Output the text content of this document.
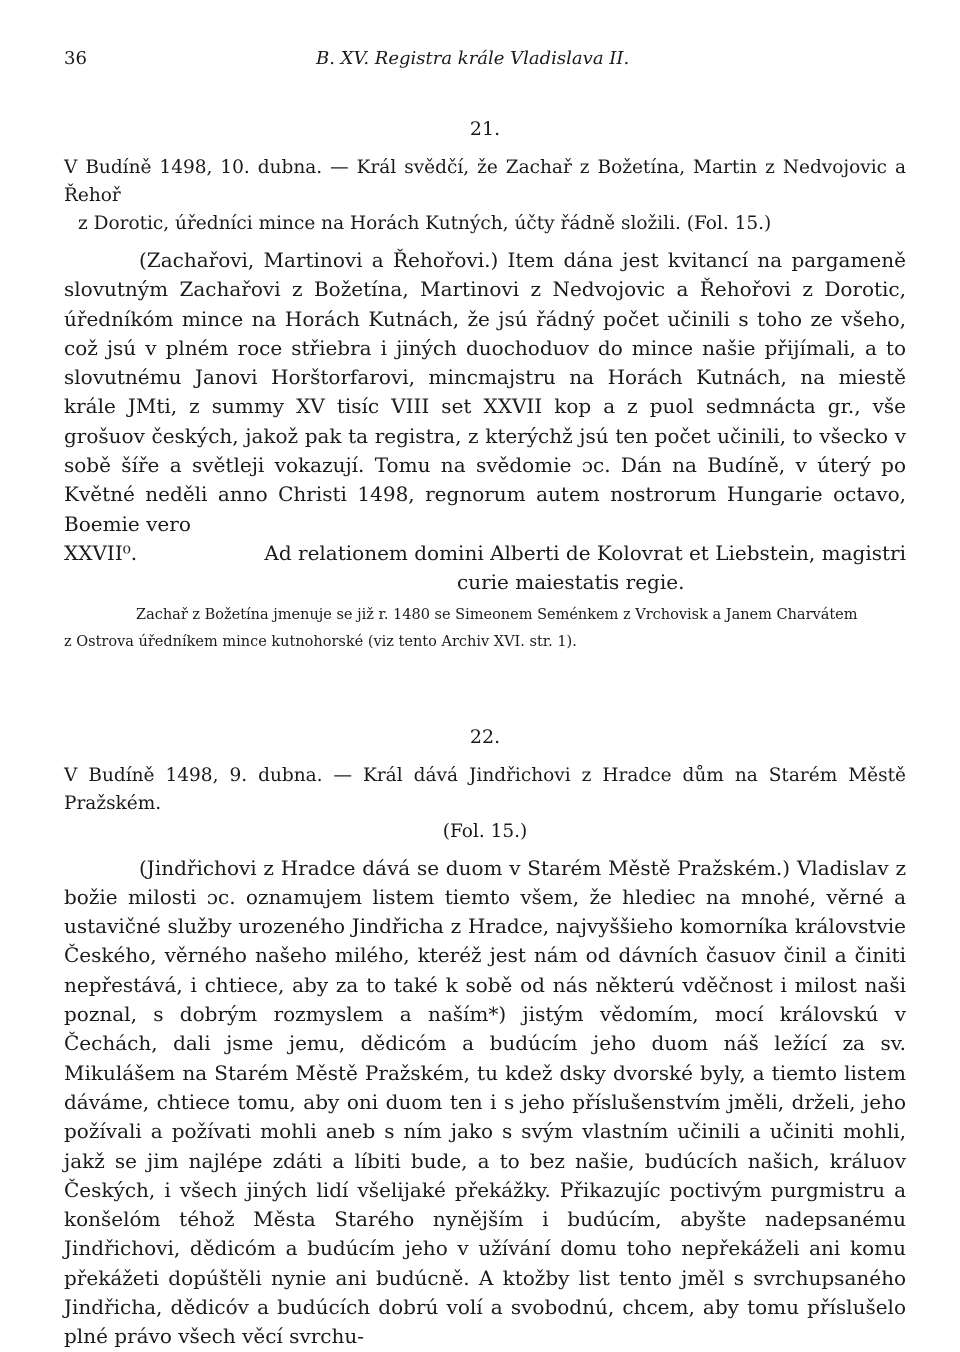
36	B. XV. Registra krále Vladislava II.
21.
V Budíně 1498, 10. dubna. — Král svědčí, že Zachař z Božetína, Martin z Nedvojovic a Řehoř
z Dorotic, úředníci mince na Horách Kutných, účty řádně složili. (Fol. 15.)

(Zachařovi, Martinovi a Řehořovi.) Item dána jest kvitancí na pargameně slovutným Zachařovi z Božetína, Martinovi z Nedvojovic a Řehořovi z Dorotic, úředníkóm mince na Horách Kutnách, že jsú řádný počet učinili s toho ze všeho, což jsú v plném roce střiebra i jiných duochoduov do mince našie přijímali, a to slovutnému Janovi Horštorfarovi, mincmajstru na Horách Kutnách, na miestě krále JMti, z summy XV tisíc VIII set XXVII kop a z puol sedmnácta gr., vše grošuov českých, jakož pak ta registra, z kterýchž jsú ten počet učinili, to všecko v sobě šíře a světleji vokazují. Tomu na svědomie ɔc. Dán na Budíně, v úterý po Květné neděli anno Christi 1498, regnorum autem nostrorum Hungarie octavo, Boemie vero

XXVII⁰.	Ad relationem domini Alberti de Kolovrat et Liebstein, magistri
curie maiestatis regie.
Zachař z Božetína jmenuje se již r. 1480 se Simeonem Seménkem z Vrchovisk a Janem Charvátem
z Ostrova úředníkem mince kutnohorské (viz tento Archiv XVI. str. 1).
22.
V Budíně 1498, 9. dubna. — Král dává Jindřichovi z Hradce dům na Starém Městě Pražském.
(Fol. 15.)

(Jindřichovi z Hradce dává se duom v Starém Městě Pražském.) Vladislav z božie milosti ɔc. oznamujem listem tiemto všem, že hlediec na mnohé, věrné a ustavičné služby urozeného Jindřicha z Hradce, najvyššieho komorníka královstvie Českého, věrného našeho milého, kteréž jest nám od dávních časuov činil a činiti nepřestává, i chtiece, aby za to také k sobě od nás některú vděčnost i milost naši poznal, s dobrým rozmyslem a naším*) jistým vědomím, mocí královskú v Čechách, dali jsme jemu, dědicóm a budúcím jeho duom náš ležící za sv. Mikulášem na Starém Městě Pražském, tu kdež dsky dvorské byly, a tiemto listem dáváme, chtiece tomu, aby oni duom ten i s jeho příslušenstvím jměli, drželi, jeho požívali a požívati mohli aneb s ním jako s svým vlastním učinili a učiniti mohli, jakž se jim najlépe zdáti a líbiti bude, a to bez našie, budúcích našich, králuov Českých, i všech jiných lidí všelijaké překážky. Přikazujíc poctivým purgmistru a konšelóm téhož Města Starého nynějším i budúcím, abyšte nadepsanému Jindřichovi, dědicóm a budúcím jeho v užívání domu toho nepřekáželi ani komu překážeti dopúštěli nynie ani budúcně. A ktožby list tento jměl s svrchupsaného Jindřicha, dědicóv a budúcích dobrú volí a svobodnú, chcem, aby tomu příslušelo plné právo všech věcí svrchu-
